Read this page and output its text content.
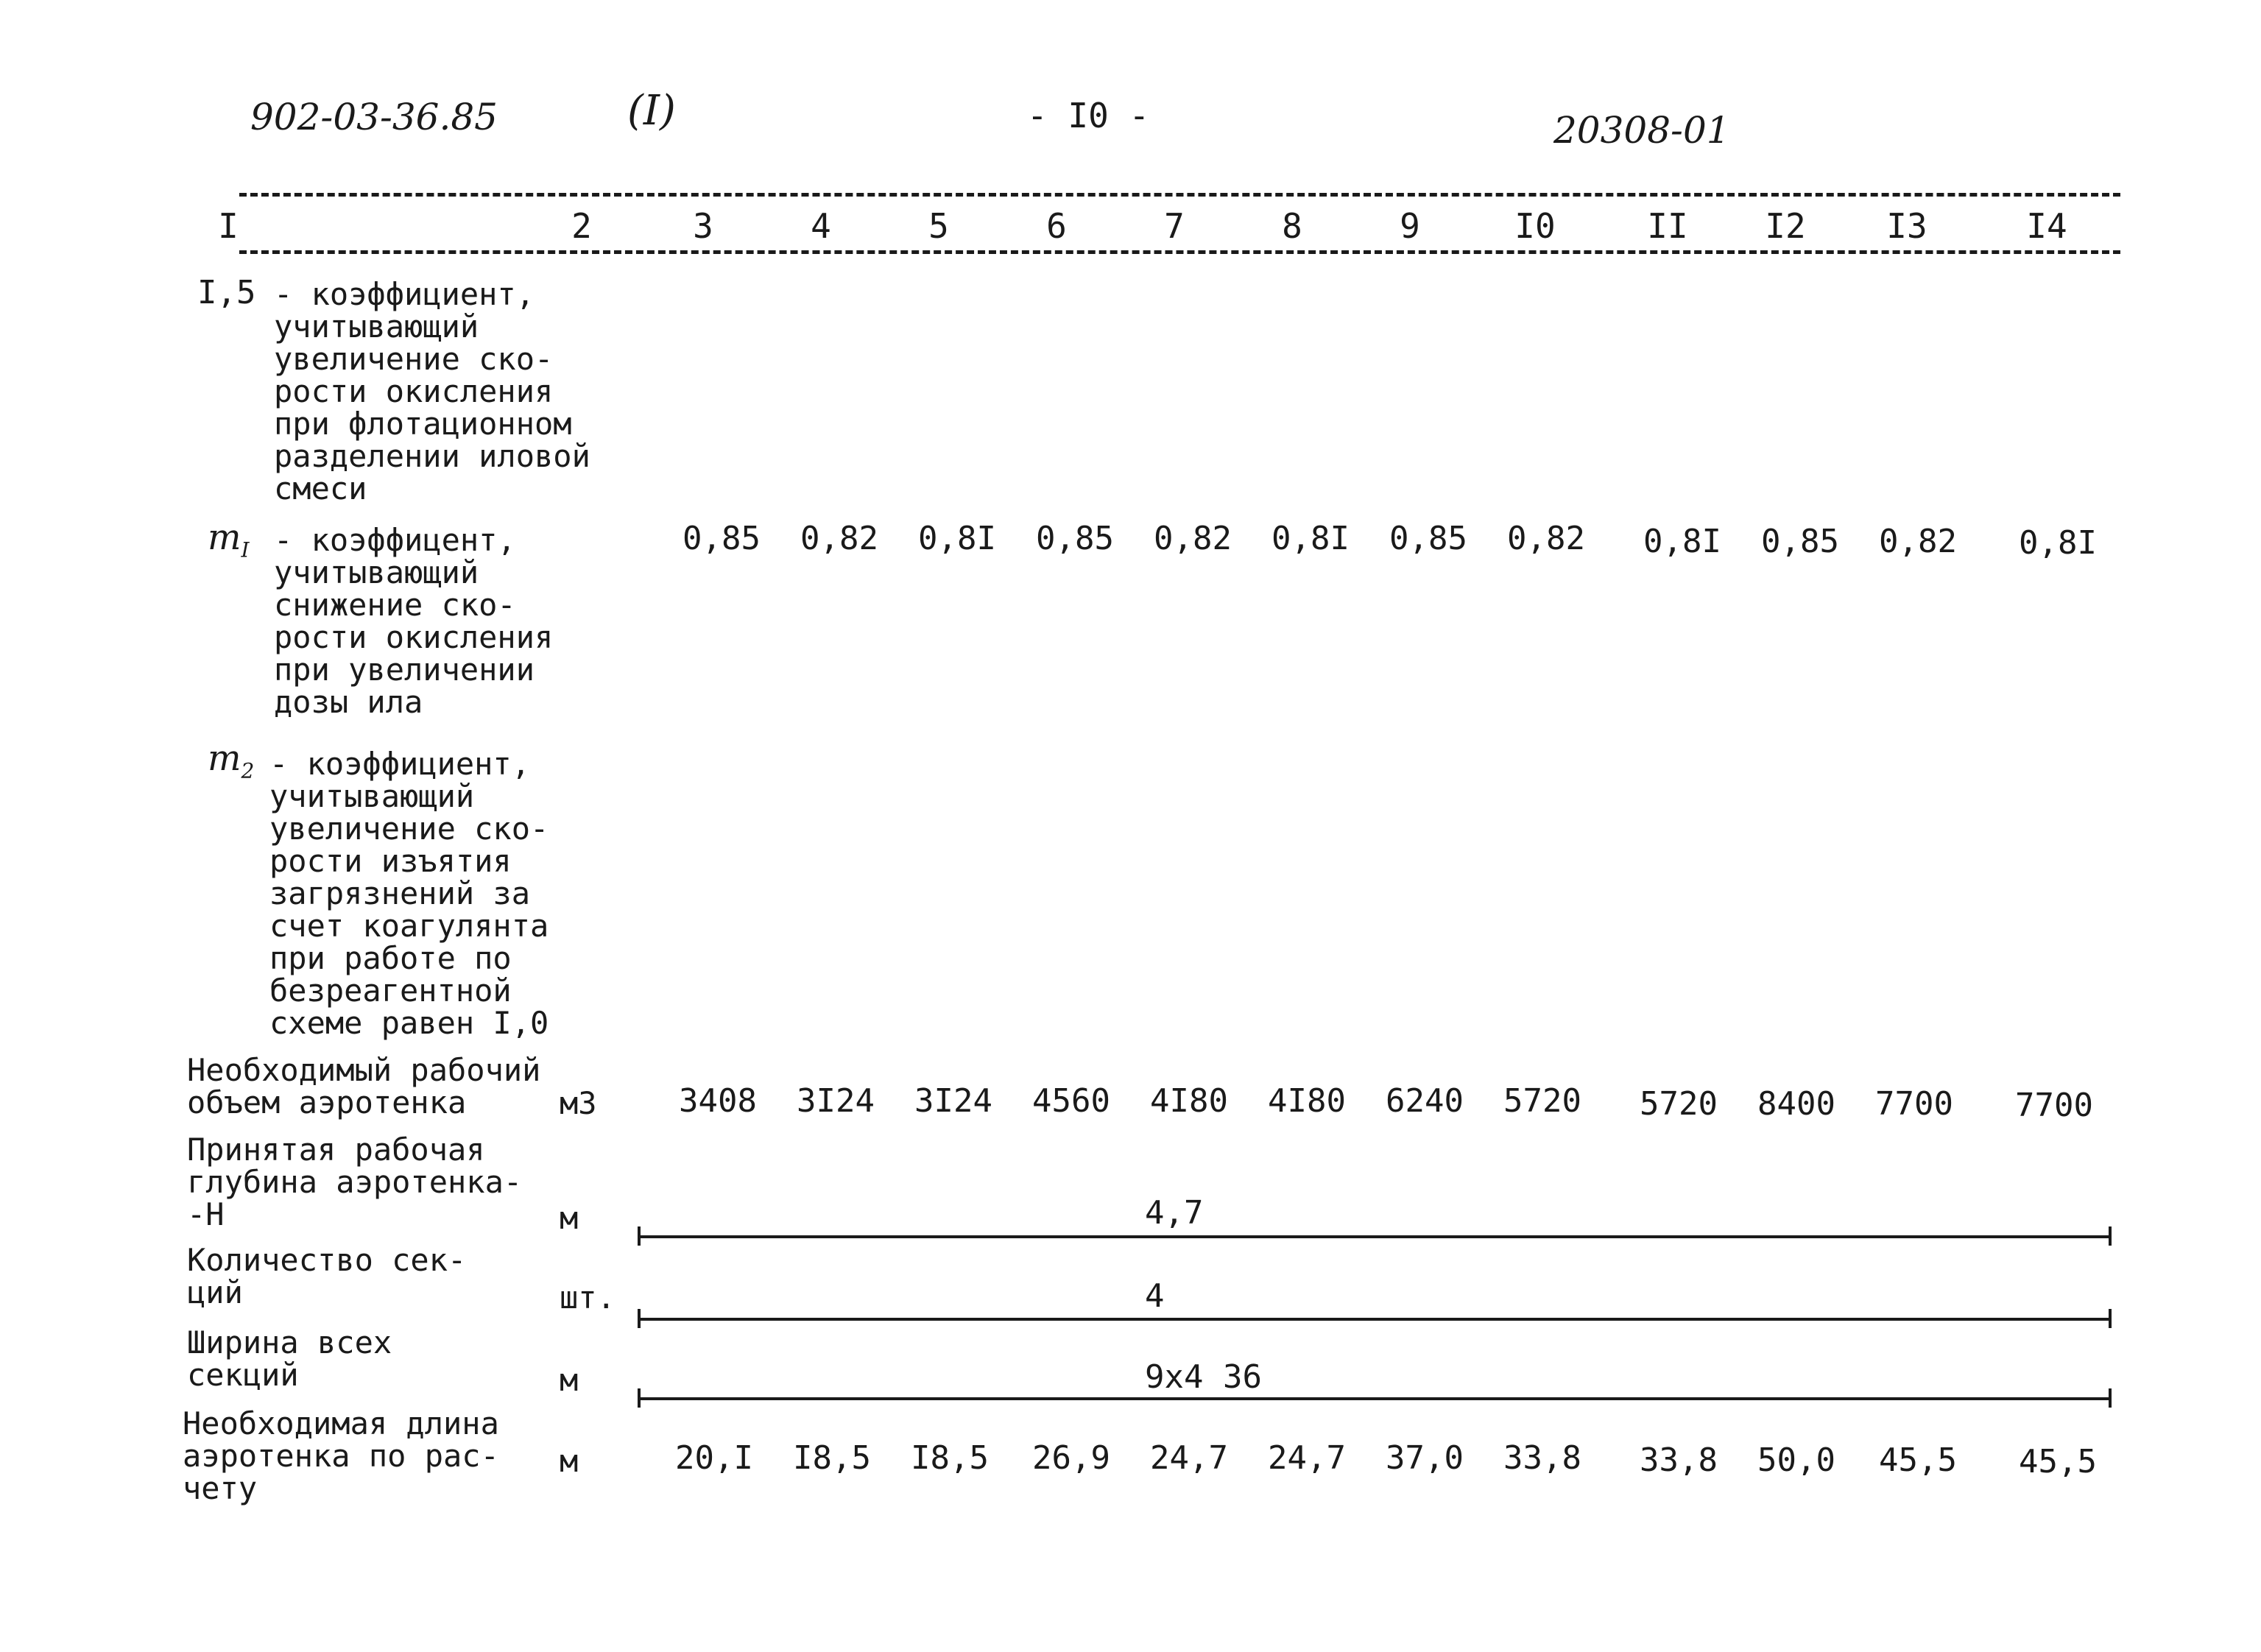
902-03-36.85	(I)	- I0 -	20308-01
I	2	3	4	5	6	7	8	9	I0	II	I2	I3	I4
I,5 - коэффициент,
учитывающий
увеличение ско-
рости окисления
при флотационном
разделении иловой
смеси
$m_I$ - коэффицент,
учитывающий
снижение ско-
рости окисления
при увеличении
дозы ила
0,85 0,82 0,8I 0,85 0,82 0,8I 0,85 0,82 0,8I 0,85 0,82 0,8I
$m_2$ - коэффициент,
учитывающий
увеличение ско-
рости изъятия
загрязнений за
счет коагулянта
при работе по
безреагентной
схеме равен I,0
Необходимый рабочий
объем аэротенка	м3	3408 3I24 3I24 4560 4I80 4I80 6240 5720 5720 8400 7700 7700
Принятая рабочая
глубина аэротенка-
-Н	м	4,7
Количество сек-
ций	шт.	4
Ширина всех
секций	м	9х4 36
Необходимая длина
аэротенка по рас-
чету
м	20,I I8,5 I8,5 26,9 24,7 24,7 37,0 33,8 33,8 50,0 45,5 45,5
